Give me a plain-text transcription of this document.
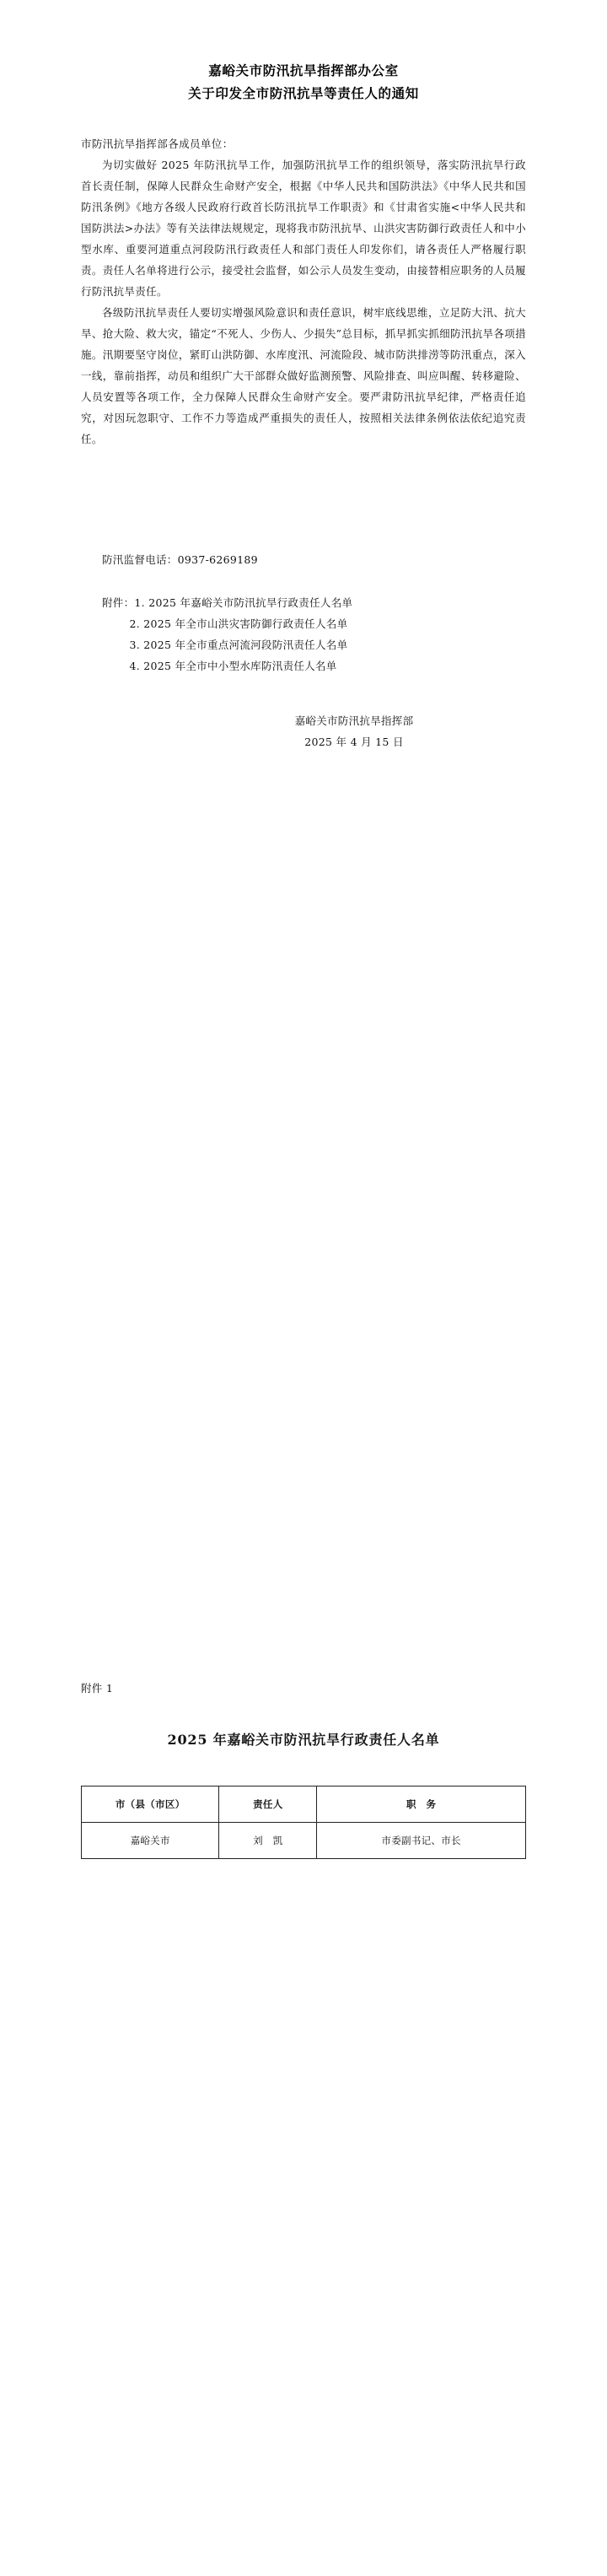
嘉峪关市防汛抗旱指挥部办公室
关于印发全市防汛抗旱等责任人的通知
市防汛抗旱指挥部各成员单位：

为切实做好 2025 年防汛抗旱工作，加强防汛抗旱工作的组织领导，落实防汛抗旱行政首长责任制，保障人民群众生命财产安全，根据《中华人民共和国防洪法》《中华人民共和国防汛条例》《地方各级人民政府行政首长防汛抗旱工作职责》和《甘肃省实施<中华人民共和国防洪法>办法》等有关法律法规规定，现将我市防汛抗旱、山洪灾害防御行政责任人和中小型水库、重要河道重点河段防汛行政责任人和部门责任人印发你们，请各责任人严格履行职责。责任人名单将进行公示，接受社会监督，如公示人员发生变动，由接替相应职务的人员履行防汛抗旱责任。

各级防汛抗旱责任人要切实增强风险意识和责任意识，树牢底线思维，立足防大汛、抗大旱、抢大险、救大灾，锚定“不死人、少伤人、少损失”总目标，抓早抓实抓细防汛抗旱各项措施。汛期要坚守岗位，紧盯山洪防御、水库度汛、河流险段、城市防洪排涝等防汛重点，深入一线，靠前指挥，动员和组织广大干部群众做好监测预警、风险排查、叫应叫醒、转移避险、人员安置等各项工作，全力保障人民群众生命财产安全。要严肃防汛抗旱纪律，严格责任追究，对因玩忽职守、工作不力等造成严重损失的责任人，按照相关法律条例依法依纪追究责任。

防汛监督电话：0937-6269189
附件：1. 2025 年嘉峪关市防汛抗旱行政责任人名单
2. 2025 年全市山洪灾害防御行政责任人名单
3. 2025 年全市重点河流河段防汛责任人名单
4. 2025 年全市中小型水库防汛责任人名单
嘉峪关市防汛抗旱指挥部
2025 年 4 月 15 日
附件 1
2025 年嘉峪关市防汛抗旱行政责任人名单
市（县（市区）	责任人	职　务
嘉峪关市	刘　凯	市委副书记、市长
